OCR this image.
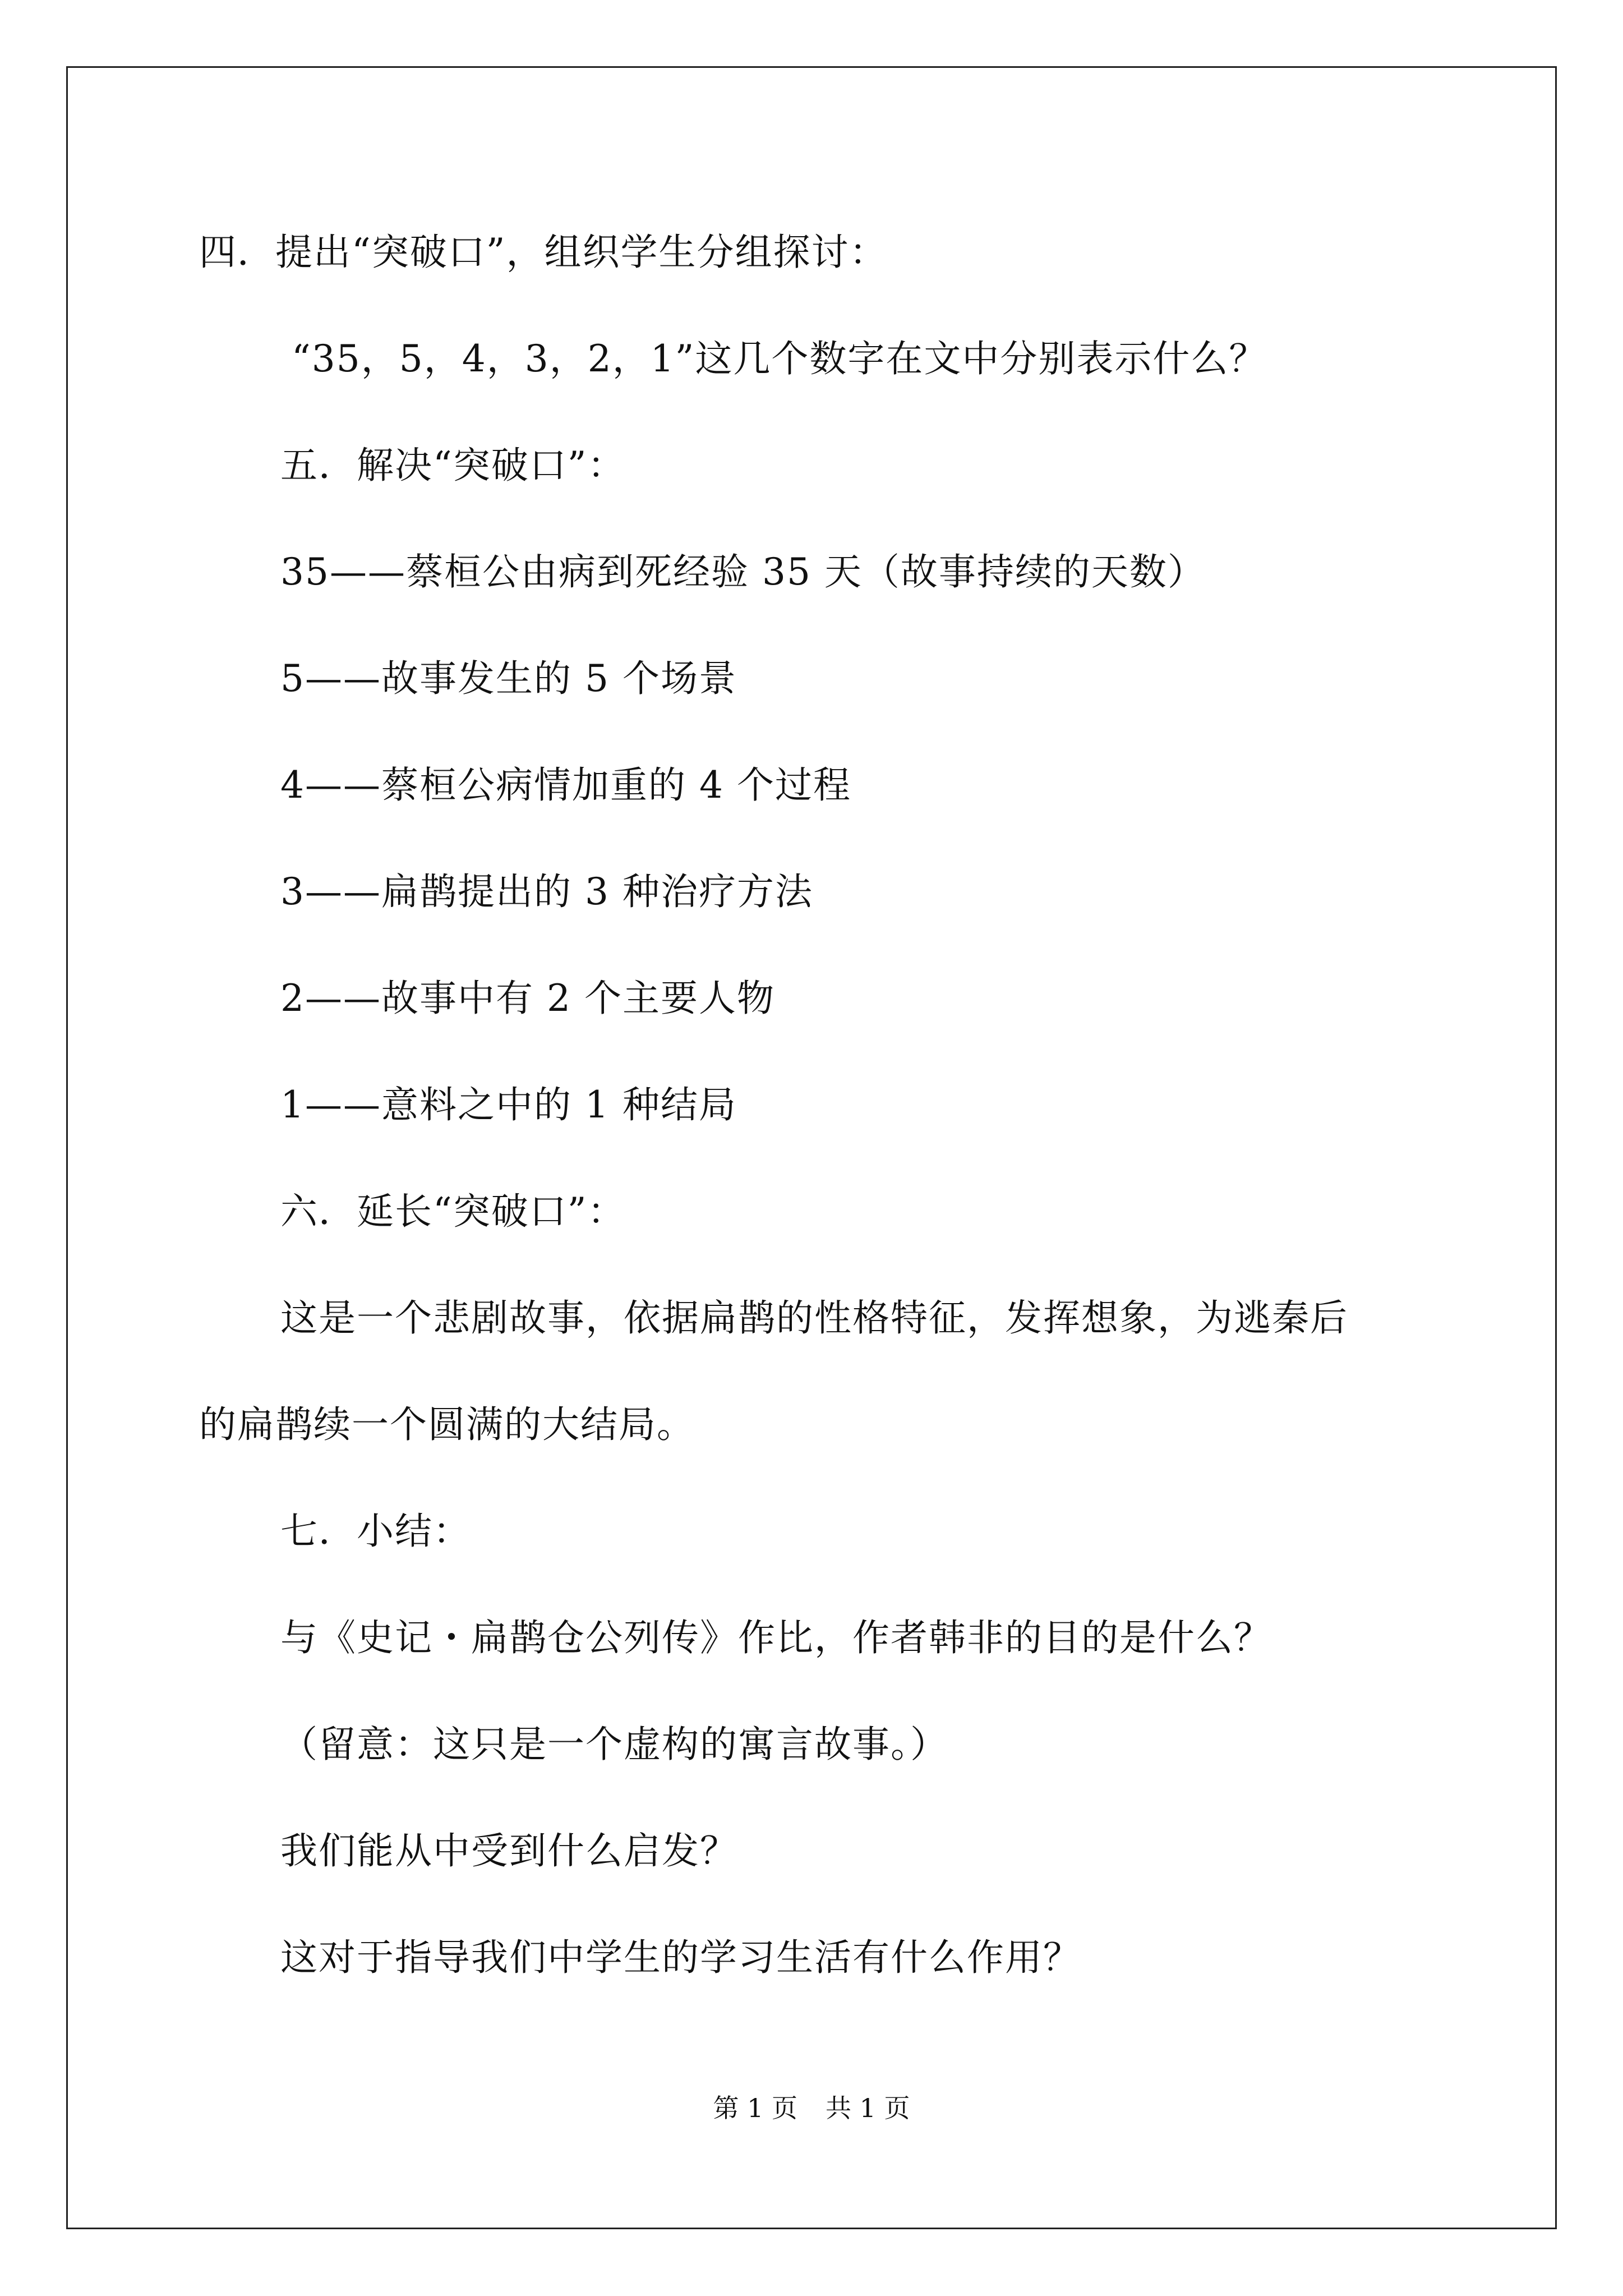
四．提出“突破口”，组织学生分组探讨：
“35，5，4，3，2，1”这几个数字在文中分别表示什么？
五．解决“突破口”：
35——蔡桓公由病到死经验 35 天（故事持续的天数）
5——故事发生的 5 个场景
4——蔡桓公病情加重的 4 个过程
3——扁鹊提出的 3 种治疗方法
2——故事中有 2 个主要人物
1——意料之中的 1 种结局
六．延长“突破口”：
这是一个悲剧故事，依据扁鹊的性格特征，发挥想象，为逃秦后
的扁鹊续一个圆满的大结局。
七．小结：
与《史记・扁鹊仓公列传》作比，作者韩非的目的是什么？
（留意：这只是一个虚构的寓言故事。）
我们能从中受到什么启发？
这对于指导我们中学生的学习生活有什么作用？
第 1 页 共 1 页
